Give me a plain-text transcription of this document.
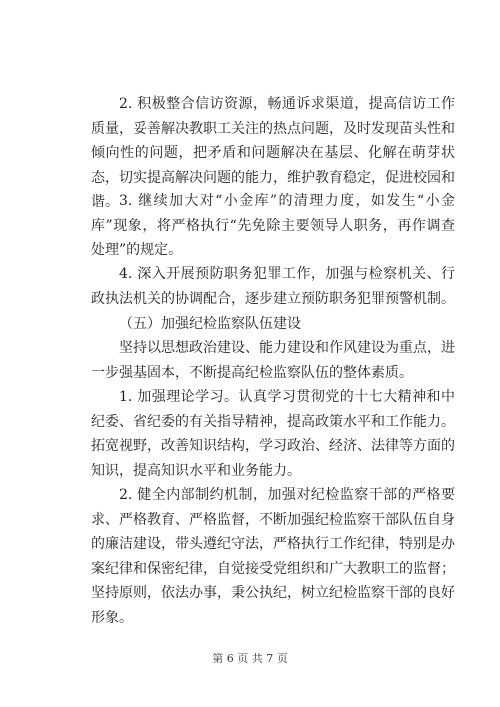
2. 积极整合信访资源，畅通诉求渠道，提高信访工作质量，妥善解决教职工关注的热点问题，及时发现苗头性和倾向性的问题，把矛盾和问题解决在基层、化解在萌芽状态，切实提高解决问题的能力，维护教育稳定，促进校园和谐。 3. 继续加大对“小金库”的清理力度，如发生“小金库”现象，将严格执行“先免除主要领导人职务，再作调查处理”的规定。

4. 深入开展预防职务犯罪工作，加强与检察机关、行政执法机关的协调配合，逐步建立预防职务犯罪预警机制。

（五）加强纪检监察队伍建设

坚持以思想政治建设、能力建设和作风建设为重点，进一步强基固本，不断提高纪检监察队伍的整体素质。

1. 加强理论学习。认真学习贯彻党的十七大精神和中纪委、省纪委的有关指导精神，提高政策水平和工作能力。拓宽视野，改善知识结构，学习政治、经济、法律等方面的知识，提高知识水平和业务能力。

2. 健全内部制约机制，加强对纪检监察干部的严格要求、严格教育、严格监督，不断加强纪检监察干部队伍自身的廉洁建设，带头遵纪守法，严格执行工作纪律，特别是办案纪律和保密纪律，自觉接受党组织和广大教职工的监督；坚持原则，依法办事，秉公执纪，树立纪检监察干部的良好形象。

第 6 页 共 7 页
